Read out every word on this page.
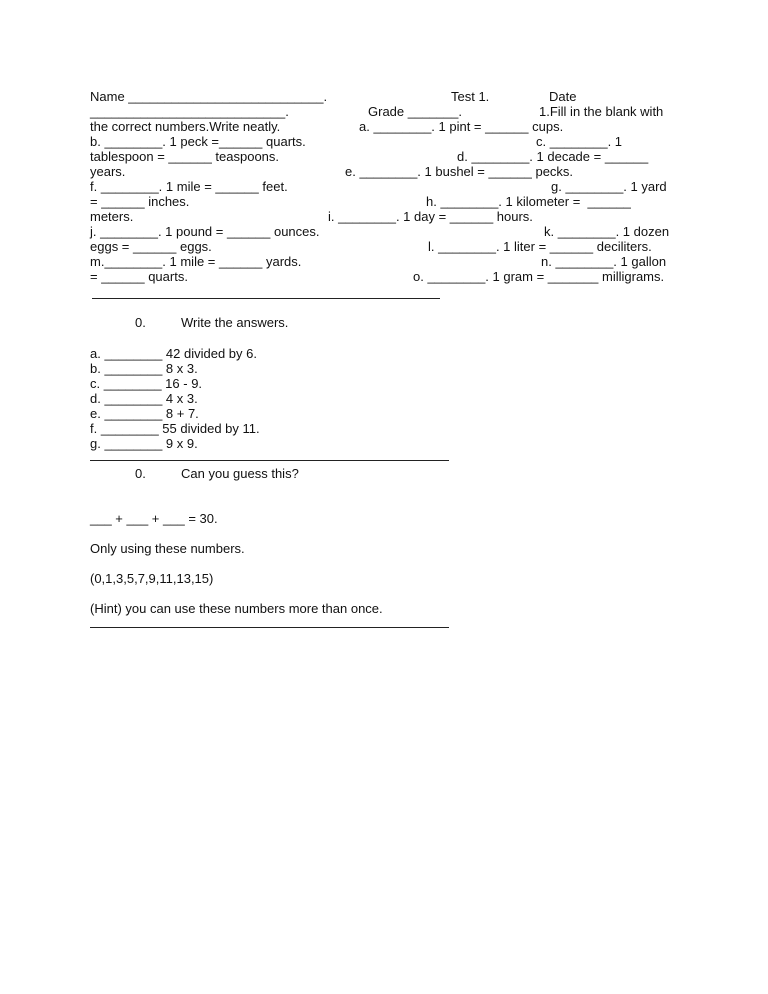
Name ___________________________.	Test 1.	Date
___________________________.	Grade _______.	1.Fill in the blank with
the correct numbers.Write neatly.	a. ________. 1 pint = ______ cups.
b. ________. 1 peck =______ quarts.	c. ________. 1
tablespoon = ______ teaspoons.	d. ________. 1 decade = ______
years.	e. ________. 1 bushel = ______ pecks.
f. ________. 1 mile = ______ feet.	g. ________. 1 yard
= ______ inches.	h. ________. 1 kilometer =  ______
meters.	i. ________. 1 day = ______ hours.
j. ________. 1 pound = ______ ounces.	k. ________. 1 dozen
eggs = ______ eggs.	l. ________. 1 liter = ______ deciliters.
m.________. 1 mile = ______ yards.	n. ________. 1 gallon
= ______ quarts.	o. ________. 1 gram = _______ milligrams.
0.	Write the answers.
a. ________ 42 divided by 6.
b. ________ 8 x 3.
c. ________ 16 - 9.
d. ________ 4 x 3.
e. ________ 8 + 7.
f. ________ 55 divided by 11.
g. ________ 9 x 9.
0.	Can you guess this?
___ + ___ + ___ = 30.
Only using these numbers.
(0,1,3,5,7,9,11,13,15)
(Hint) you can use these numbers more than once.
